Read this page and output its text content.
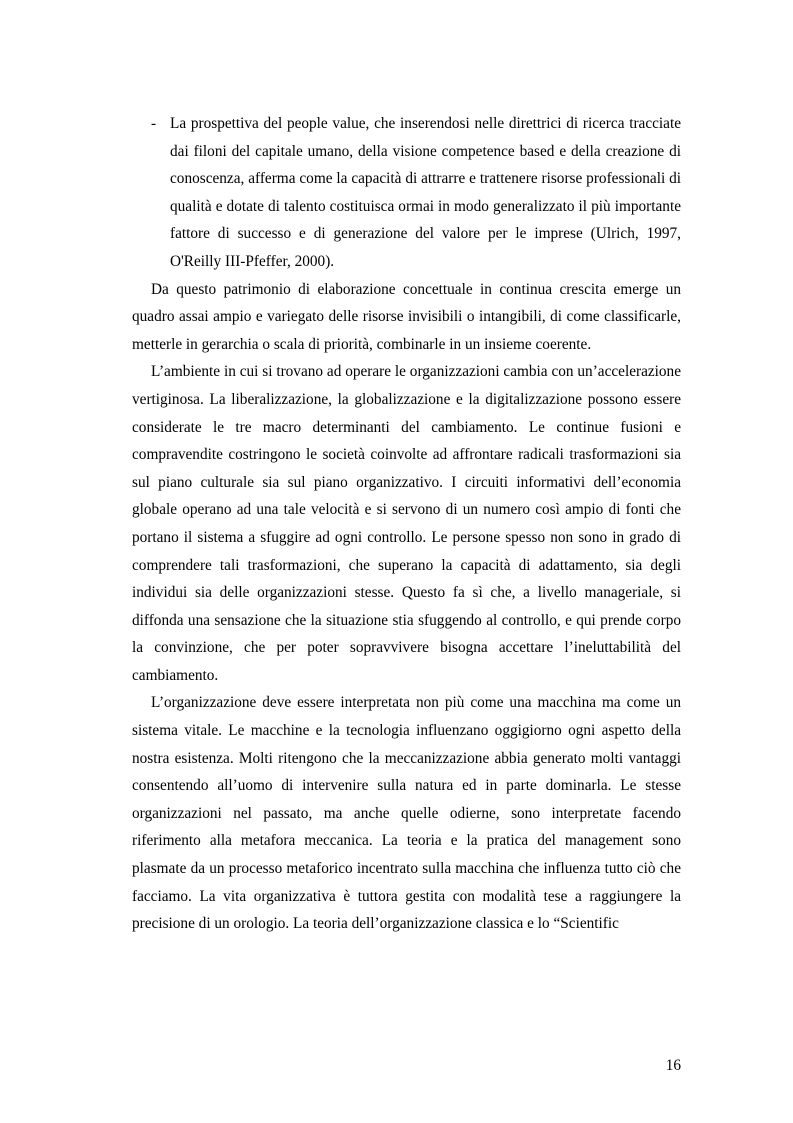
- La prospettiva del people value, che inserendosi nelle direttrici di ricerca tracciate dai filoni del capitale umano, della visione competence based e della creazione di conoscenza, afferma come la capacità di attrarre e trattenere risorse professionali di qualità e dotate di talento costituisca ormai in modo generalizzato il più importante fattore di successo e di generazione del valore per le imprese (Ulrich, 1997, O'Reilly III-Pfeffer, 2000).

Da questo patrimonio di elaborazione concettuale in continua crescita emerge un quadro assai ampio e variegato delle risorse invisibili o intangibili, di come classificarle, metterle in gerarchia o scala di priorità, combinarle in un insieme coerente.

L’ambiente in cui si trovano ad operare le organizzazioni cambia con un’accelerazione vertiginosa. La liberalizzazione, la globalizzazione e la digitalizzazione possono essere considerate le tre macro determinanti del cambiamento. Le continue fusioni e compravendite costringono le società coinvolte ad affrontare radicali trasformazioni sia sul piano culturale sia sul piano organizzativo. I circuiti informativi dell’economia globale operano ad una tale velocità e si servono di un numero così ampio di fonti che portano il sistema a sfuggire ad ogni controllo. Le persone spesso non sono in grado di comprendere tali trasformazioni, che superano la capacità di adattamento, sia degli individui sia delle organizzazioni stesse. Questo fa sì che, a livello manageriale, si diffonda una sensazione che la situazione stia sfuggendo al controllo, e qui prende corpo la convinzione, che per poter sopravvivere bisogna accettare l’ineluttabilità del cambiamento.

L’organizzazione deve essere interpretata non più come una macchina ma come un sistema vitale. Le macchine e la tecnologia influenzano oggigiorno ogni aspetto della nostra esistenza. Molti ritengono che la meccanizzazione abbia generato molti vantaggi consentendo all’uomo di intervenire sulla natura ed in parte dominarla. Le stesse organizzazioni nel passato, ma anche quelle odierne, sono interpretate facendo riferimento alla metafora meccanica. La teoria e la pratica del management sono plasmate da un processo metaforico incentrato sulla macchina che influenza tutto ciò che facciamo. La vita organizzativa è tuttora gestita con modalità tese a raggiungere la precisione di un orologio. La teoria dell’organizzazione classica e lo “Scientific

16
